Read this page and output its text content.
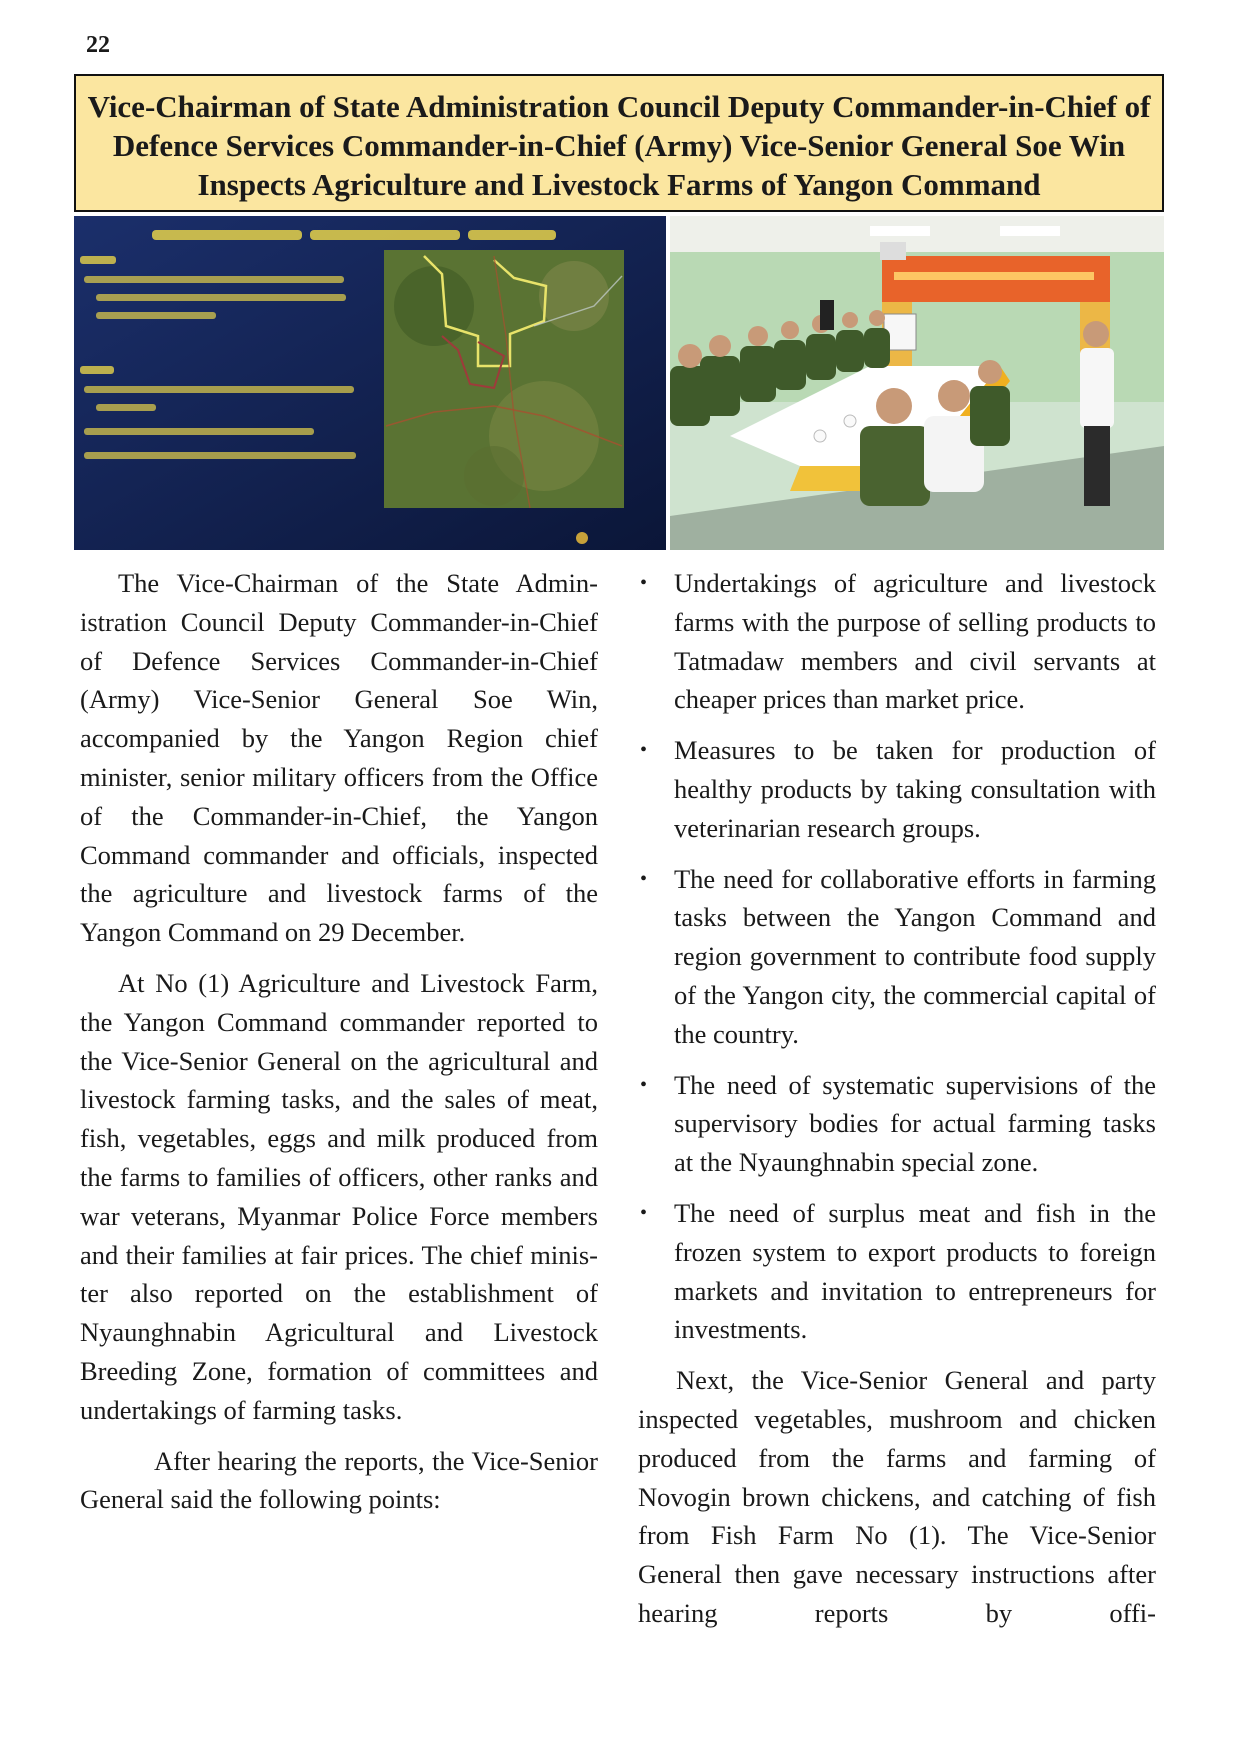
22
Vice-Chairman of State Administration Council Deputy Commander-in-Chief of
Defence Services Commander-in-Chief (Army) Vice-Senior General Soe Win
Inspects Agriculture and Livestock Farms of Yangon Command

The Vice-Chairman of the State Administration Council Deputy Commander-in-Chief of Defence Services Commander-in-Chief (Army) Vice-Senior General Soe Win, accompanied by the Yangon Region chief minister, senior military officers from the Office of the Commander-in-Chief, the Yangon Command commander and officials, inspected the agriculture and livestock farms of the Yangon Command on 29 December.

At No (1) Agriculture and Livestock Farm, the Yangon Command commander reported to the Vice-Senior General on the agricultural and livestock farming tasks, and the sales of meat, fish, vegetables, eggs and milk produced from the farms to families of officers, other ranks and war veterans, Myanmar Police Force members and their families at fair prices. The chief minister also reported on the establishment of Nyaunghnabin Agricultural and Livestock Breeding Zone, formation of committees and undertakings of farming tasks.

After hearing the reports, the Vice-Senior General said the following points:

• Undertakings of agriculture and livestock farms with the purpose of selling products to Tatmadaw members and civil servants at cheaper prices than market price.
• Measures to be taken for production of healthy products by taking consultation with veterinarian research groups.
• The need for collaborative efforts in farming tasks between the Yangon Command and region government to contribute food supply of the Yangon city, the commercial capital of the country.
• The need of systematic supervisions of the supervisory bodies for actual farming tasks at the Nyaunghnabin special zone.
• The need of surplus meat and fish in the frozen system to export products to foreign markets and invitation to entrepreneurs for investments.

Next, the Vice-Senior General and party inspected vegetables, mushroom and chicken produced from the farms and farming of Novogin brown chickens, and catching of fish from Fish Farm No (1). The Vice-Senior General then gave necessary instructions after hearing reports by offi-
